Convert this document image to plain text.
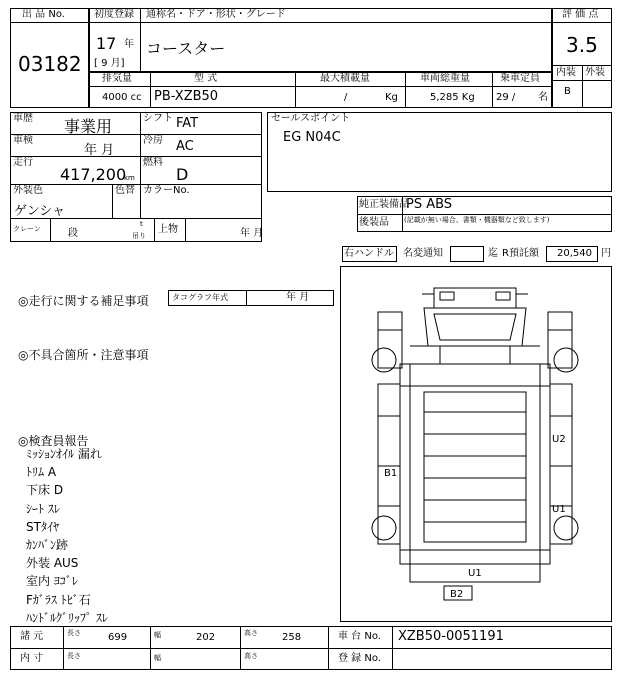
出 品 No.
03182
初度登録 通称名・ドア・形状・グレード
17 年
[ 9 月]
コースター
評 価 点
3.5
内装 外装
B
排気量	型 式	最大積載量	車両総重量	乗車定員
4000 cc PB-XZB50	/	Kg	5,285 Kg 29 / 名
車歴 事業用	シフト FAT
車検
年 月
冷房 AC
走行
417,200
km
燃料
D
外装色
ゲンシャ
色替 カラーNo.
クレーン	段
t
吊り
上物	年 月
セールスポイント
EG N04C
純正装備品
PS ABS
後装品 (記載が無い場合、書類・機器類など致します)
右ハンドル 名変通知	迄 R預託額 20,540 円
◎走行に関する補足事項	タコグラフ年式	年 月
◎不具合箇所・注意事項
◎検査員報告
ﾐｯｼｮﾝｵｲﾙ 漏れ
ﾄﾘﾑ A
下床 D
ｼｰﾄ ｽﾚ
STﾀｲﾔ
ｶﾝﾊﾞﾝ跡
外装 AUS
室内 ﾖｺﾞﾚ
Fｶﾞﾗｽ ﾄﾋﾞ石
ﾊﾝﾄﾞﾙｸﾞﾘｯﾌﾟ ｽﾚ
U2
B1
U1
U1
B2
諸 元	長さ	699	幅	202	高さ 258	車 台 No. XZB50-0051191
内 寸	長さ	幅	高さ	登 録 No.
